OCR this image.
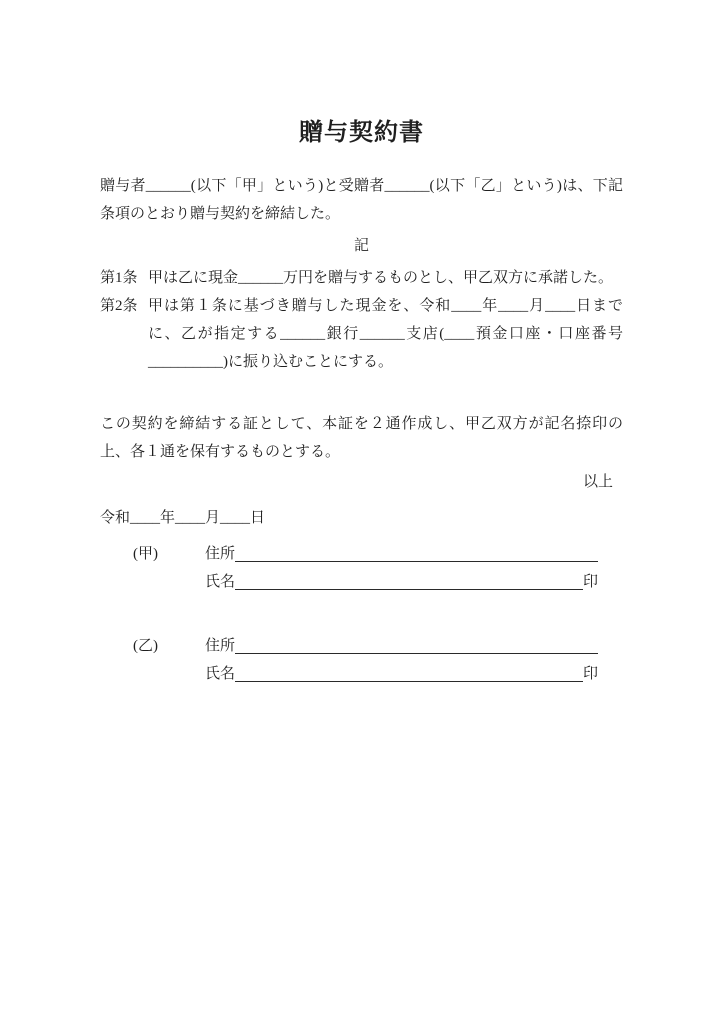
贈与契約書

贈与者______(以下「甲」という)と受贈者______(以下「乙」という)は、下記条項のとおり贈与契約を締結した。

記

第1条 甲は乙に現金______万円を贈与するものとし、甲乙双方に承諾した。
第2条 甲は第１条に基づき贈与した現金を、令和____年____月____日までに、乙が指定する______銀行______支店(____預金口座・口座番号__________)に振り込むことにする。

この契約を締結する証として、本証を２通作成し、甲乙双方が記名捺印の上、各１通を保有するものとする。

以上

令和____年____月____日

(甲)	住所
氏名	印
(乙)	住所
氏名	印
